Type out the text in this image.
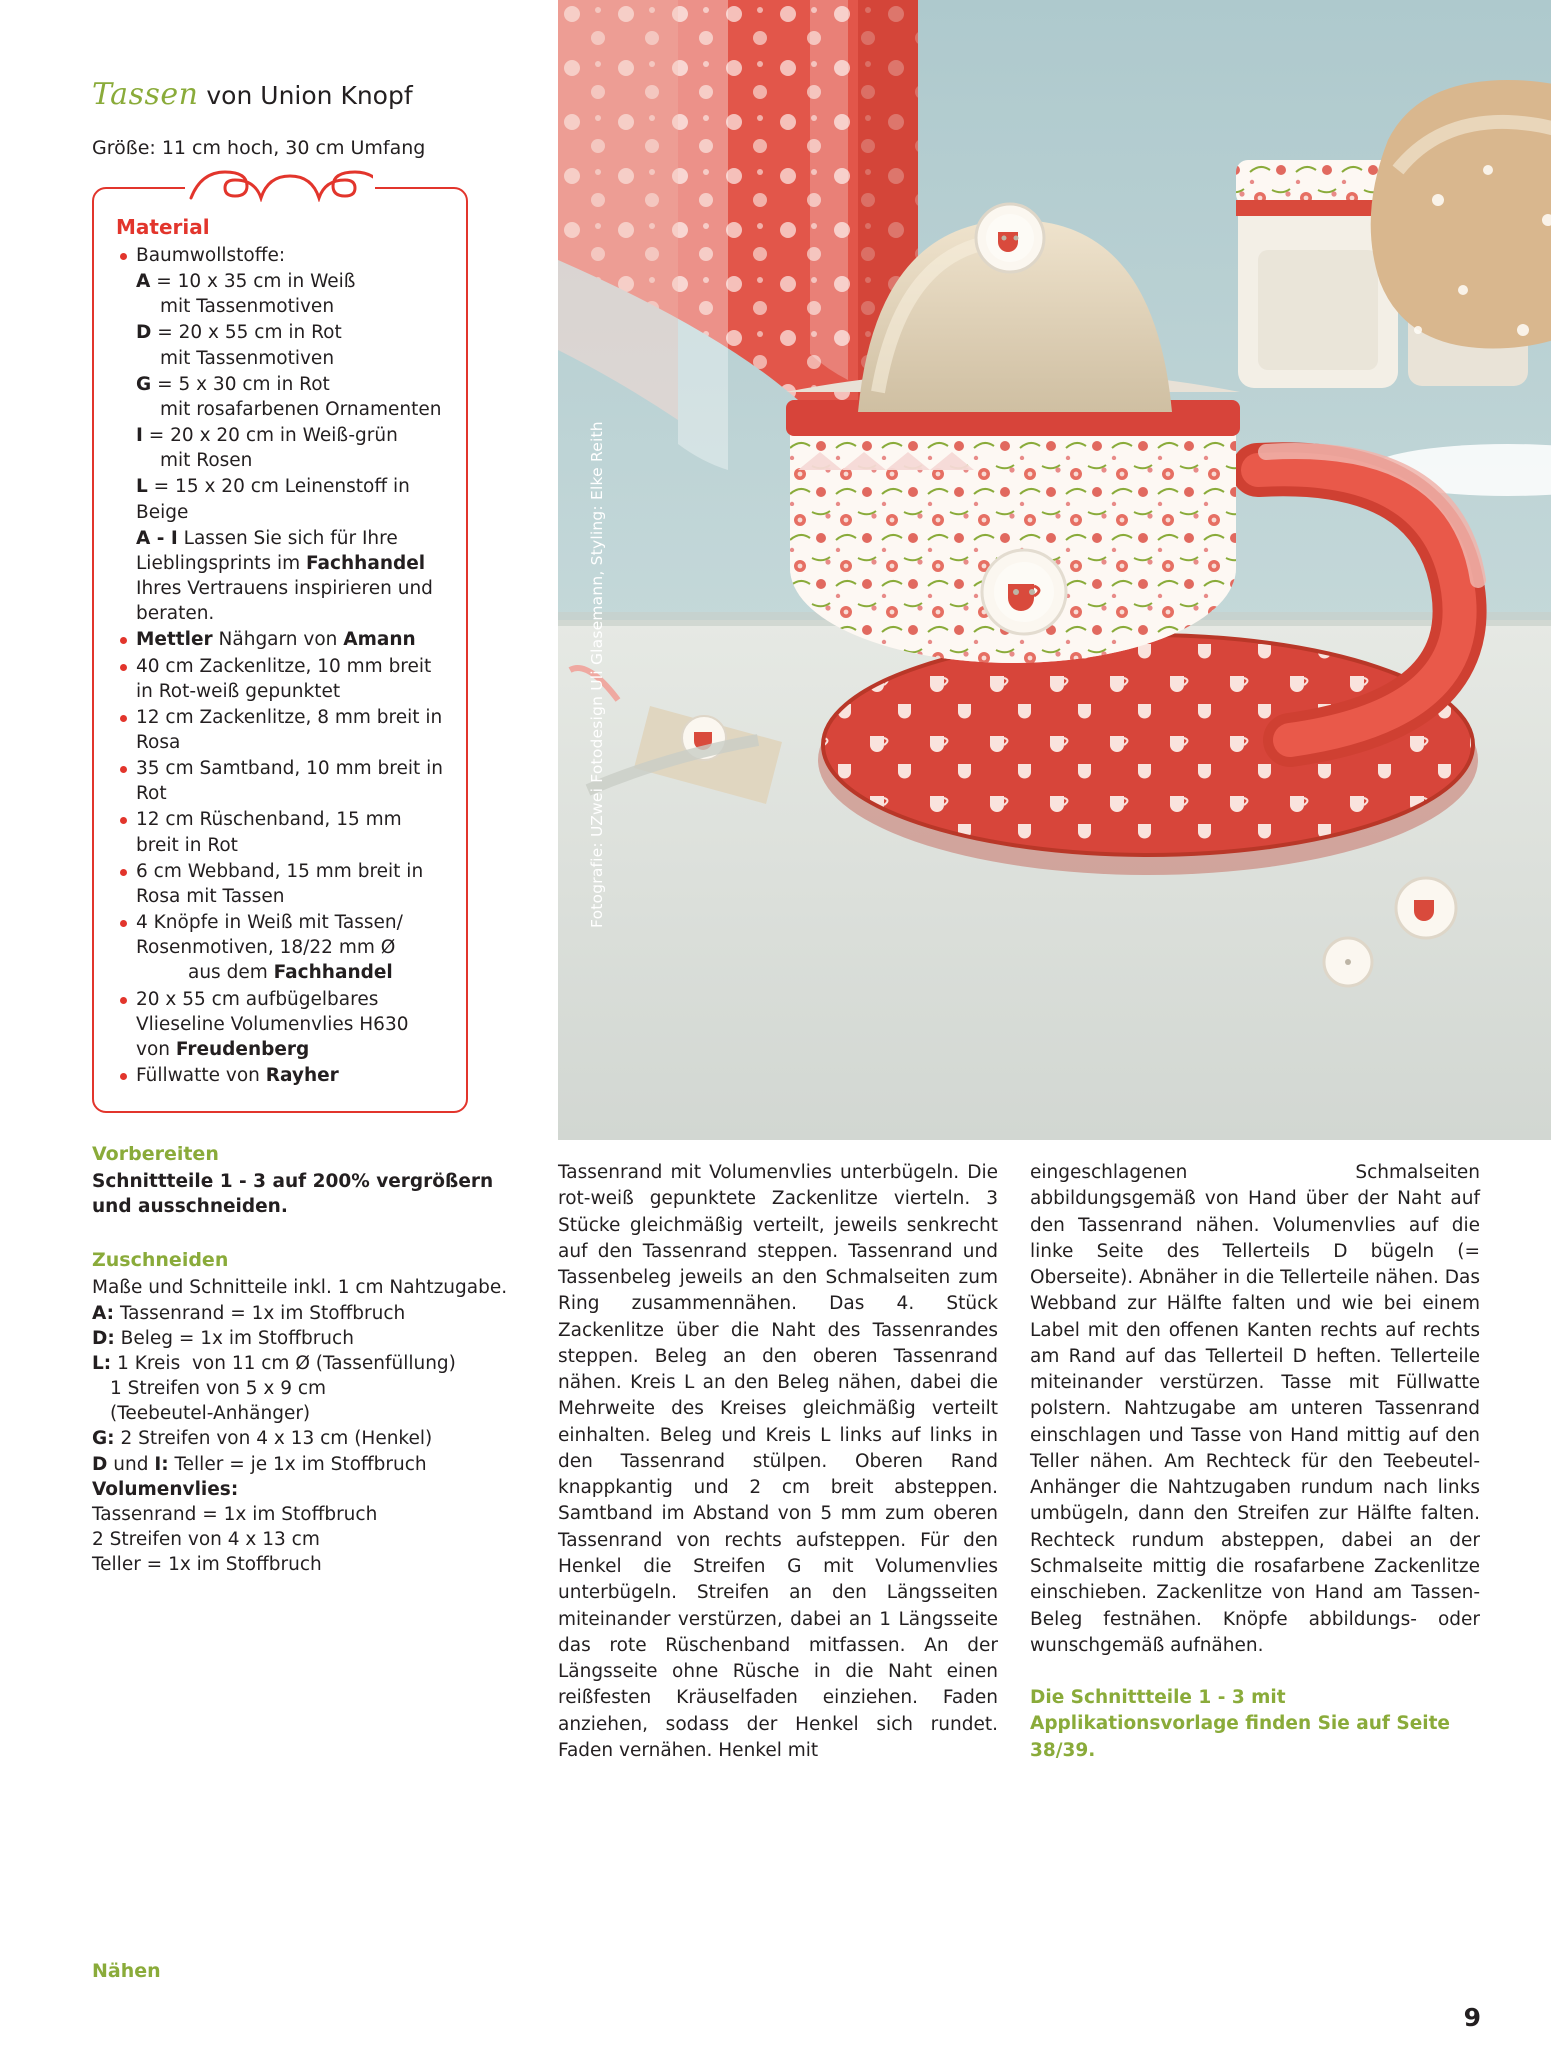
Fotografie: UZwei Fotodesign Uli Glasemann, Styling: Elke Reith
Tassen von Union Knopf
Größe: 11 cm hoch, 30 cm Umfang
Material
Baumwollstoffe:
A = 10 x 35 cm in Weiß
mit Tassenmotiven
D = 20 x 55 cm in Rot
mit Tassenmotiven
G = 5 x 30 cm in Rot
mit rosafarbenen Ornamenten
I = 20 x 20 cm in Weiß-grün
mit Rosen
L = 15 x 20 cm Leinenstoff in Beige
A - I Lassen Sie sich für Ihre Lieblingsprints im Fachhandel Ihres Vertrauens inspirieren und beraten.
Mettler Nähgarn von Amann
40 cm Zackenlitze, 10 mm breit in Rot-weiß gepunktet
12 cm Zackenlitze, 8 mm breit in Rosa
35 cm Samtband, 10 mm breit in Rot
12 cm Rüschenband, 15 mm breit in Rot
6 cm Webband, 15 mm breit in Rosa mit Tassen
4 Knöpfe in Weiß mit Tassen/ Rosenmotiven, 18/22 mm Ø
aus dem Fachhandel
20 x 55 cm aufbügelbares Vlieseline Volumenvlies H630 von Freudenberg
Füllwatte von Rayher
Vorbereiten
Schnittteile 1 - 3 auf 200% vergrößern und ausschneiden.
Zuschneiden
Maße und Schnitteile inkl. 1 cm Nahtzugabe.
A: Tassenrand = 1x im Stoffbruch
D: Beleg = 1x im Stoffbruch
L: 1 Kreis  von 11 cm Ø (Tassenfüllung)
1 Streifen von 5 x 9 cm
(Teebeutel-Anhänger)
G: 2 Streifen von 4 x 13 cm (Henkel)
D und I: Teller = je 1x im Stoffbruch
Volumenvlies:
Tassenrand = 1x im Stoffbruch
2 Streifen von 4 x 13 cm
Teller = 1x im Stoffbruch
Nähen

Tassenrand mit Volumenvlies unterbügeln. Die rot-weiß gepunktete Zackenlitze vierteln. 3 Stücke gleichmäßig verteilt, jeweils senkrecht auf den Tassenrand steppen. Tassenrand und Tassenbeleg jeweils an den Schmalseiten zum Ring zusammennähen. Das 4. Stück Zackenlitze über die Naht des Tassenrandes steppen. Beleg an den oberen Tassenrand nähen. Kreis L an den Beleg nähen, dabei die Mehrweite des Kreises gleichmäßig verteilt einhalten. Beleg und Kreis L links auf links in den Tassenrand stülpen. Oberen Rand knappkantig und 2 cm breit absteppen. Samtband im Abstand von 5 mm zum oberen Tassenrand von rechts aufsteppen. Für den Henkel die Streifen G mit Volumenvlies unterbügeln. Streifen an den Längsseiten miteinander verstürzen, dabei an 1 Längsseite das rote Rüschenband mitfassen. An der Längsseite ohne Rüsche in die Naht einen reißfesten Kräuselfaden einziehen. Faden anziehen, sodass der Henkel sich rundet. Faden vernähen. Henkel mit

eingeschlagenen Schmalseiten abbildungsgemäß von Hand über der Naht auf den Tassenrand nähen. Volumenvlies auf die linke Seite des Tellerteils D bügeln (= Oberseite). Abnäher in die Tellerteile nähen. Das Webband zur Hälfte falten und wie bei einem Label mit den offenen Kanten rechts auf rechts am Rand auf das Tellerteil D heften. Tellerteile miteinander verstürzen. Tasse mit Füllwatte polstern. Nahtzugabe am unteren Tassenrand einschlagen und Tasse von Hand mittig auf den Teller nähen. Am Rechteck für den Teebeutel-Anhänger die Nahtzugaben rundum nach links umbügeln, dann den Streifen zur Hälfte falten. Rechteck rundum absteppen, dabei an der Schmalseite mittig die rosafarbene Zackenlitze einschieben. Zackenlitze von Hand am Tassen-Beleg festnähen. Knöpfe abbildungs- oder wunschgemäß aufnähen.

Die Schnittteile 1 - 3 mit Applikationsvorlage finden Sie auf Seite 38/39.

9
